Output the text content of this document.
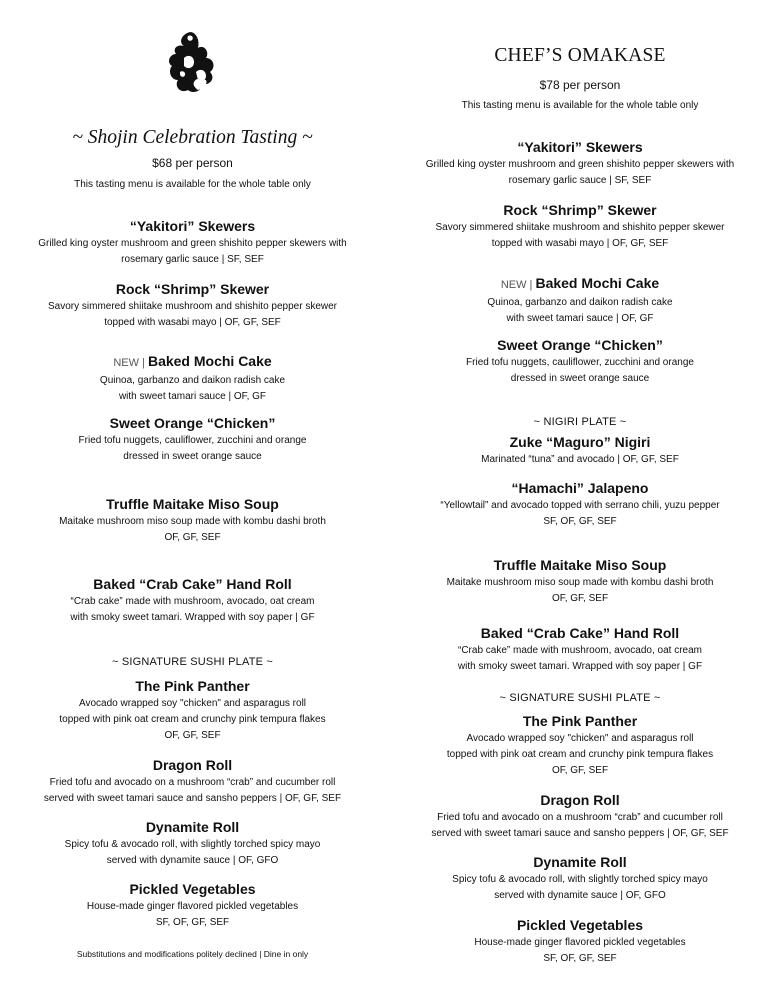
~ Shojin Celebration Tasting ~
$68 per person
This tasting menu is available for the whole table only
“Yakitori” Skewers
Grilled king oyster mushroom and green shishito pepper skewers with
rosemary garlic sauce | SF, SEF
Rock “Shrimp” Skewer
Savory simmered shiitake mushroom and shishito pepper skewer
topped with wasabi mayo | OF, GF, SEF
NEW | Baked Mochi Cake
Quinoa, garbanzo and daikon radish cake
with sweet tamari sauce | OF, GF
Sweet Orange “Chicken”
Fried tofu nuggets, cauliflower, zucchini and orange
dressed in sweet orange sauce
Truffle Maitake Miso Soup
Maitake mushroom miso soup made with kombu dashi broth
OF, GF, SEF
Baked “Crab Cake” Hand Roll
“Crab cake” made with mushroom, avocado, oat cream
with smoky sweet tamari. Wrapped with soy paper | GF
~ SIGNATURE SUSHI PLATE ~
The Pink Panther
Avocado wrapped soy "chicken" and asparagus roll
topped with pink oat cream and crunchy pink tempura flakes
OF, GF, SEF
Dragon Roll
Fried tofu and avocado on a mushroom “crab” and cucumber roll
served with sweet tamari sauce and sansho peppers | OF, GF, SEF
Dynamite Roll
Spicy tofu & avocado roll, with slightly torched spicy mayo
served with dynamite sauce | OF, GFO
Pickled Vegetables
House-made ginger flavored pickled vegetables
SF, OF, GF, SEF
Substitutions and modifications politely declined | Dine in only
CHEF’S OMAKASE
$78 per person
This tasting menu is available for the whole table only
“Yakitori” Skewers
Grilled king oyster mushroom and green shishito pepper skewers with
rosemary garlic sauce | SF, SEF
Rock “Shrimp” Skewer
Savory simmered shiitake mushroom and shishito pepper skewer
topped with wasabi mayo | OF, GF, SEF
NEW | Baked Mochi Cake
Quinoa, garbanzo and daikon radish cake
with sweet tamari sauce | OF, GF
Sweet Orange “Chicken”
Fried tofu nuggets, cauliflower, zucchini and orange
dressed in sweet orange sauce
~ NIGIRI PLATE ~
Zuke “Maguro” Nigiri
Marinated “tuna” and avocado | OF, GF, SEF
“Hamachi” Jalapeno
“Yellowtail” and avocado topped with serrano chili, yuzu pepper
SF, OF, GF, SEF
Truffle Maitake Miso Soup
Maitake mushroom miso soup made with kombu dashi broth
OF, GF, SEF
Baked “Crab Cake” Hand Roll
“Crab cake” made with mushroom, avocado, oat cream
with smoky sweet tamari. Wrapped with soy paper | GF
~ SIGNATURE SUSHI PLATE ~
The Pink Panther
Avocado wrapped soy "chicken" and asparagus roll
topped with pink oat cream and crunchy pink tempura flakes
OF, GF, SEF
Dragon Roll
Fried tofu and avocado on a mushroom “crab” and cucumber roll
served with sweet tamari sauce and sansho peppers | OF, GF, SEF
Dynamite Roll
Spicy tofu & avocado roll, with slightly torched spicy mayo
served with dynamite sauce | OF, GFO
Pickled Vegetables
House-made ginger flavored pickled vegetables
SF, OF, GF, SEF
